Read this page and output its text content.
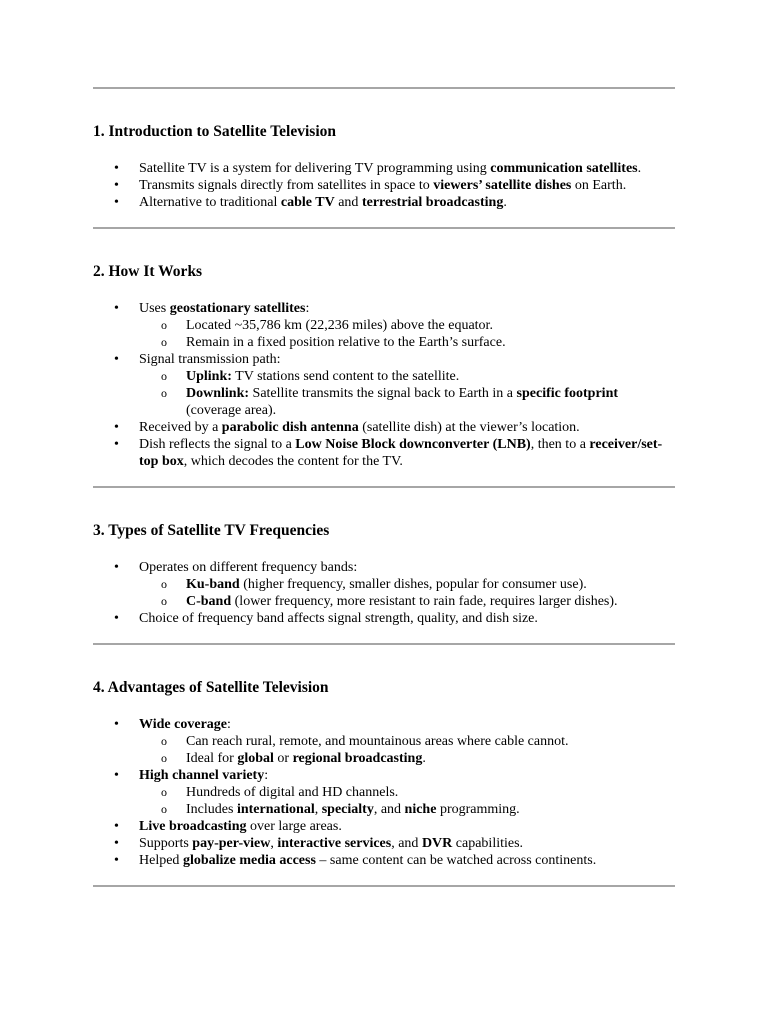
1. Introduction to Satellite Television
• Satellite TV is a system for delivering TV programming using communication satellites.
• Transmits signals directly from satellites in space to viewers’ satellite dishes on Earth.
• Alternative to traditional cable TV and terrestrial broadcasting.
2. How It Works
• Uses geostationary satellites:
o Located ~35,786 km (22,236 miles) above the equator.
o Remain in a fixed position relative to the Earth’s surface.
• Signal transmission path:
o Uplink: TV stations send content to the satellite.
o Downlink: Satellite transmits the signal back to Earth in a specific footprint (coverage area).
• Received by a parabolic dish antenna (satellite dish) at the viewer’s location.
• Dish reflects the signal to a Low Noise Block downconverter (LNB), then to a receiver/set-top box, which decodes the content for the TV.
3. Types of Satellite TV Frequencies
• Operates on different frequency bands:
o Ku-band (higher frequency, smaller dishes, popular for consumer use).
o C-band (lower frequency, more resistant to rain fade, requires larger dishes).
• Choice of frequency band affects signal strength, quality, and dish size.
4. Advantages of Satellite Television
• Wide coverage:
o Can reach rural, remote, and mountainous areas where cable cannot.
o Ideal for global or regional broadcasting.
• High channel variety:
o Hundreds of digital and HD channels.
o Includes international, specialty, and niche programming.
• Live broadcasting over large areas.
• Supports pay-per-view, interactive services, and DVR capabilities.
• Helped globalize media access – same content can be watched across continents.
